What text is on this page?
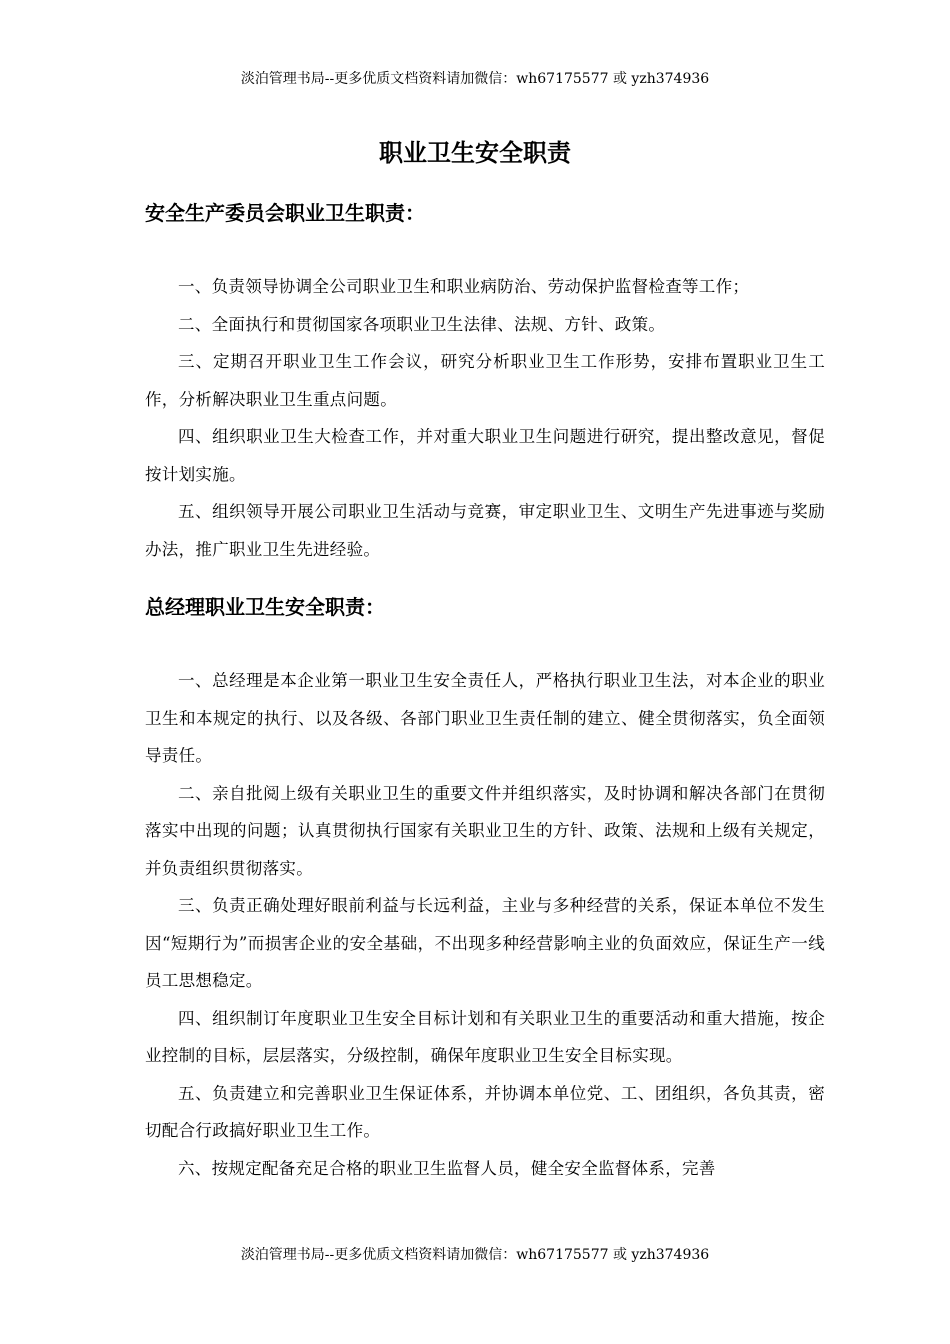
淡泊管理书局--更多优质文档资料请加微信：wh67175577 或 yzh374936
职业卫生安全职责
安全生产委员会职业卫生职责：

一、负责领导协调全公司职业卫生和职业病防治、劳动保护监督检查等工作；

二、全面执行和贯彻国家各项职业卫生法律、法规、方针、政策。

三、定期召开职业卫生工作会议，研究分析职业卫生工作形势，安排布置职业卫生工作，分析解决职业卫生重点问题。

四、组织职业卫生大检查工作，并对重大职业卫生问题进行研究，提出整改意见，督促按计划实施。

五、组织领导开展公司职业卫生活动与竞赛，审定职业卫生、文明生产先进事迹与奖励办法，推广职业卫生先进经验。

总经理职业卫生安全职责：

一、总经理是本企业第一职业卫生安全责任人，严格执行职业卫生法，对本企业的职业卫生和本规定的执行、以及各级、各部门职业卫生责任制的建立、健全贯彻落实，负全面领导责任。

二、亲自批阅上级有关职业卫生的重要文件并组织落实，及时协调和解决各部门在贯彻落实中出现的问题；认真贯彻执行国家有关职业卫生的方针、政策、法规和上级有关规定，并负责组织贯彻落实。

三、负责正确处理好眼前利益与长远利益，主业与多种经营的关系，保证本单位不发生因“短期行为”而损害企业的安全基础，不出现多种经营影响主业的负面效应，保证生产一线员工思想稳定。

四、组织制订年度职业卫生安全目标计划和有关职业卫生的重要活动和重大措施，按企业控制的目标，层层落实，分级控制，确保年度职业卫生安全目标实现。

五、负责建立和完善职业卫生保证体系，并协调本单位党、工、团组织，各负其责，密切配合行政搞好职业卫生工作。

六、按规定配备充足合格的职业卫生监督人员，健全安全监督体系，完善

淡泊管理书局--更多优质文档资料请加微信：wh67175577 或 yzh374936
